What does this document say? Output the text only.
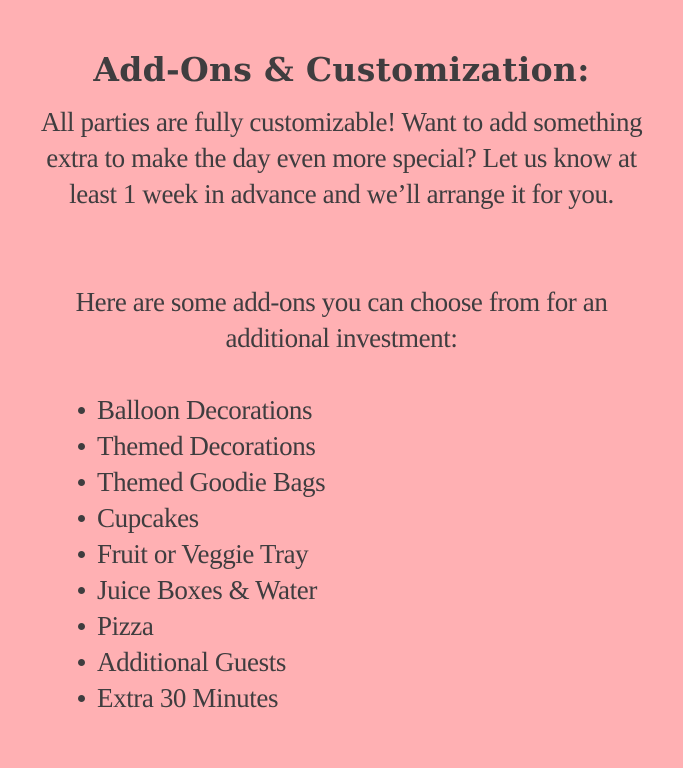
Add-Ons & Customization:

All parties are fully customizable! Want to add something extra to make the day even more special? Let us know at least 1 week in advance and we’ll arrange it for you.

Here are some add-ons you can choose from for an additional investment:

Balloon Decorations
Themed Decorations
Themed Goodie Bags
Cupcakes
Fruit or Veggie Tray
Juice Boxes & Water
Pizza
Additional Guests
Extra 30 Minutes
